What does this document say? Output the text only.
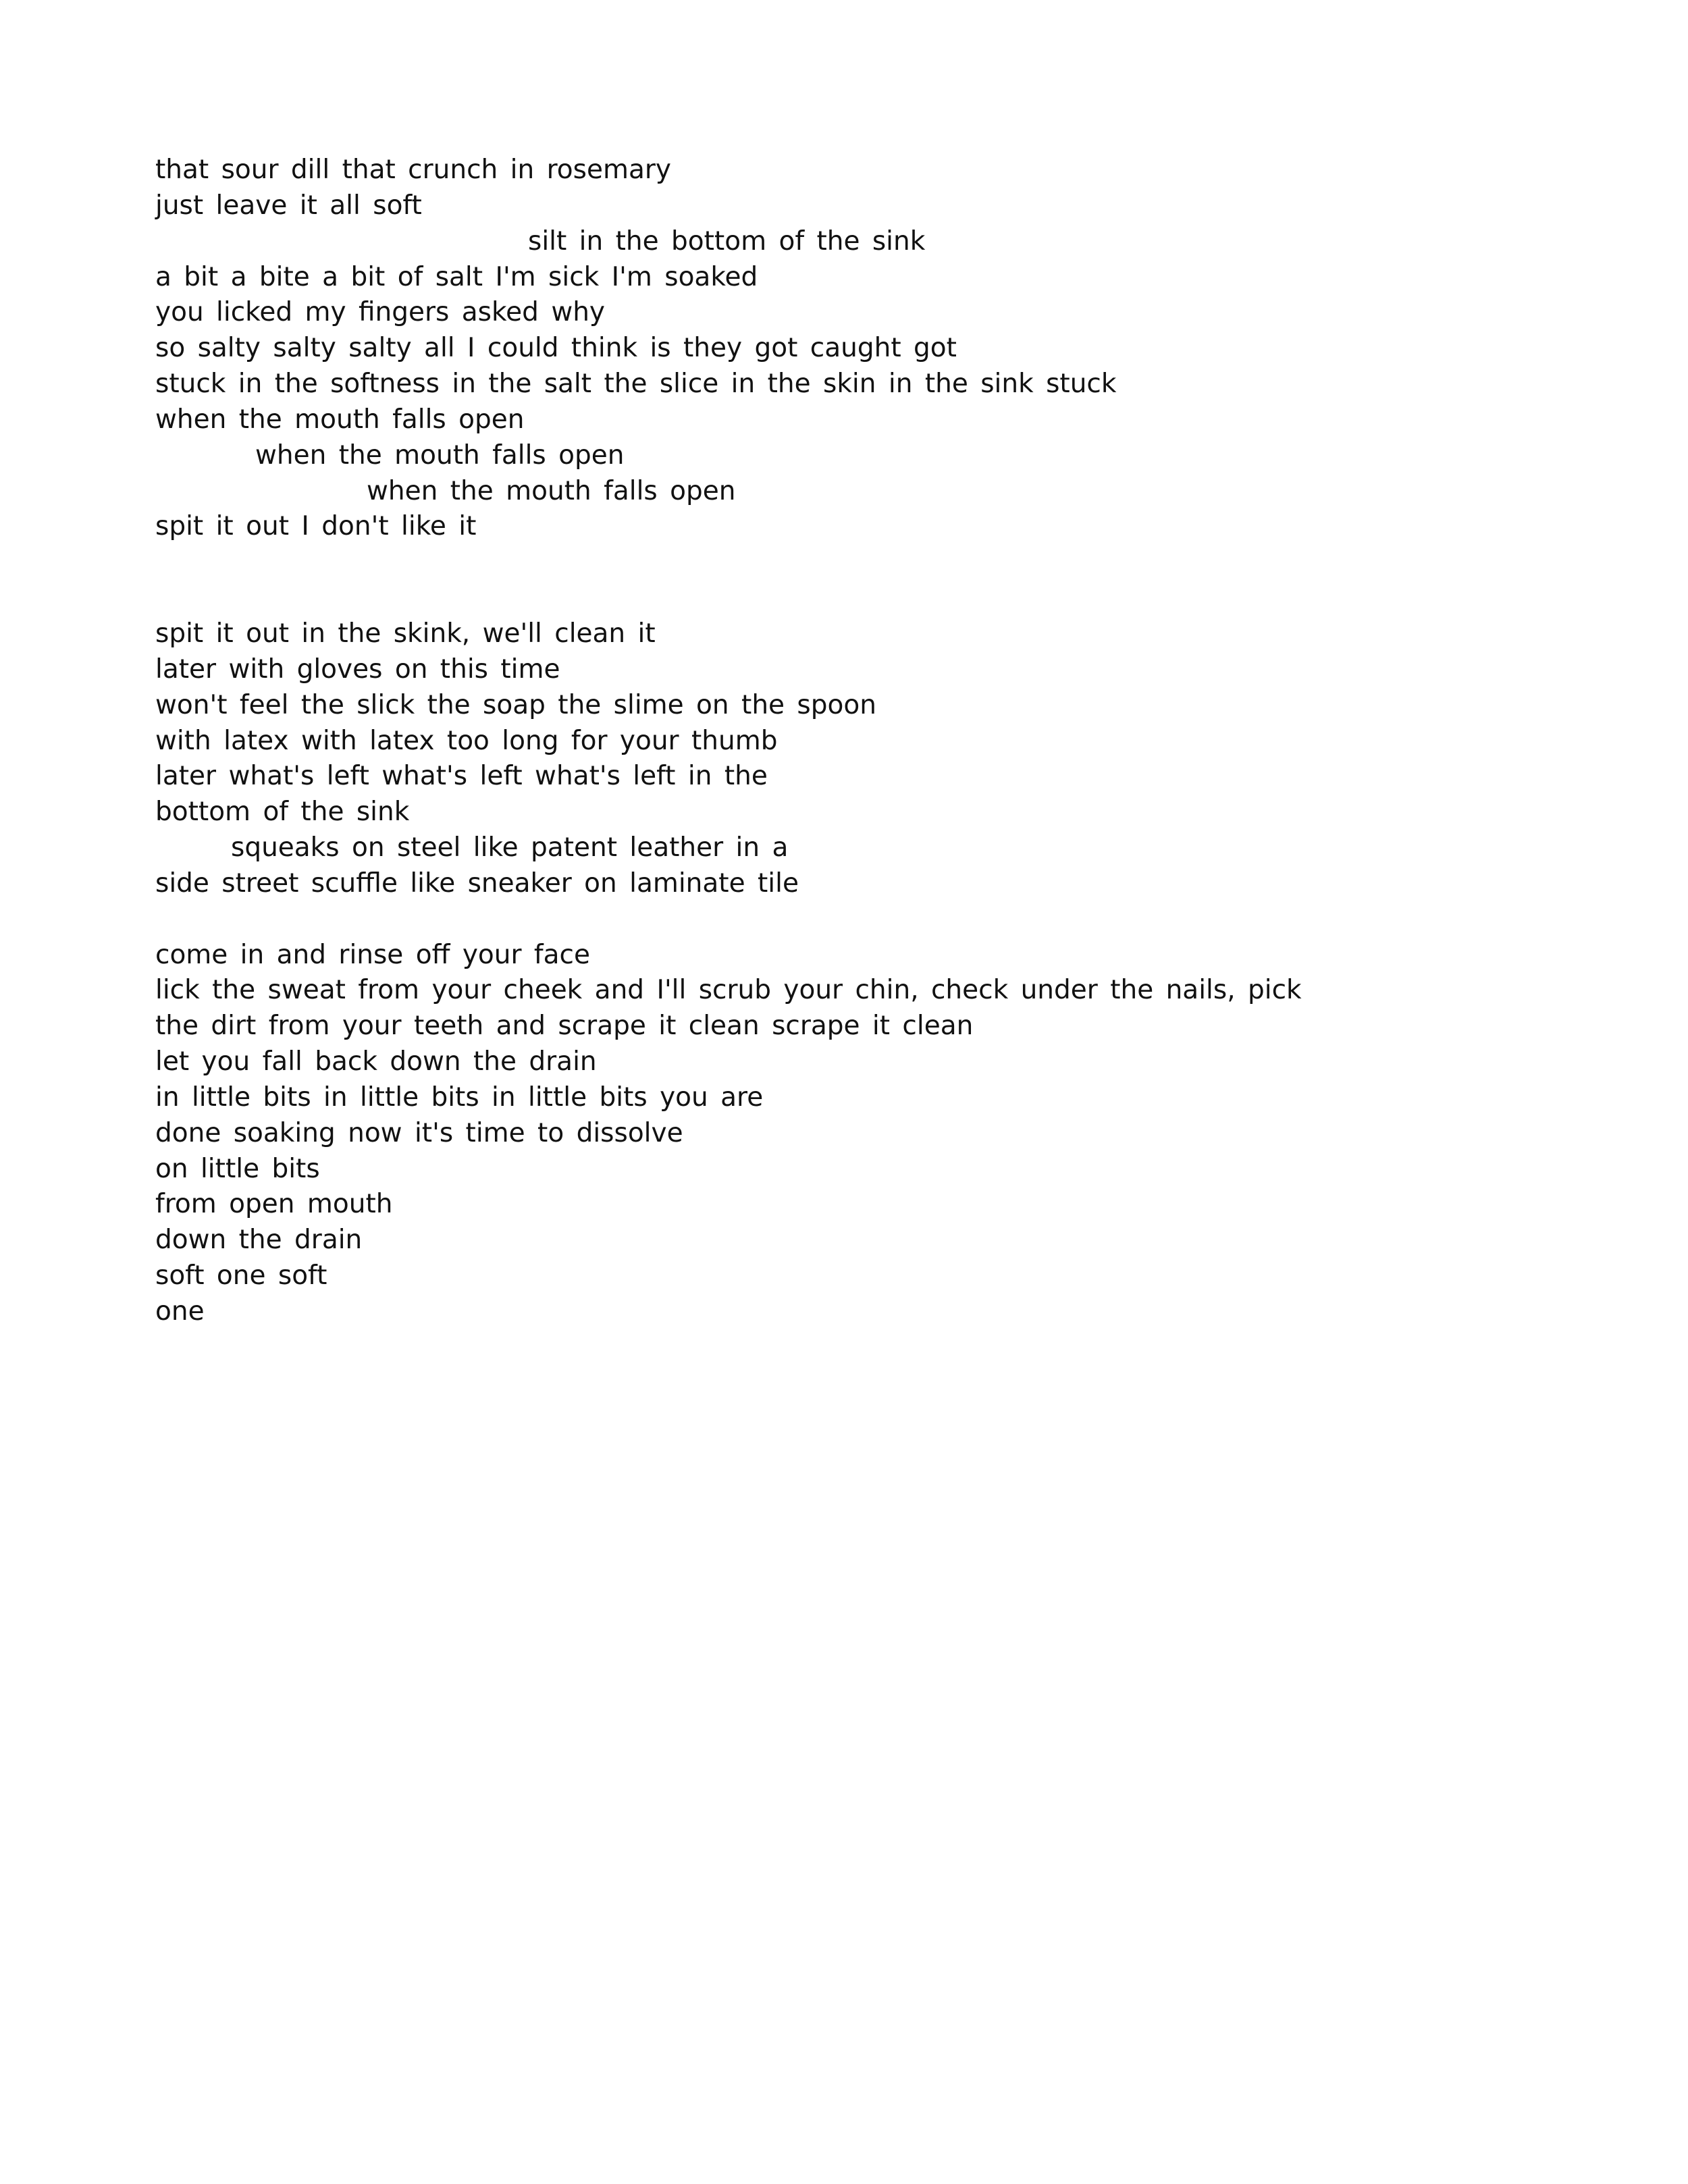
that sour dill that crunch in rosemary
just leave it all soft
silt in the bottom of the sink
a bit a bite a bit of salt I'm sick I'm soaked
you licked my fingers asked why
so salty salty salty all I could think is they got caught got
stuck in the softness in the salt the slice in the skin in the sink stuck
when the mouth falls open
when the mouth falls open
when the mouth falls open
spit it out I don't like it
spit it out in the skink, we'll clean it
later with gloves on this time
won't feel the slick the soap the slime on the spoon
with latex with latex too long for your thumb
later what's left what's left what's left in the
bottom of the sink
squeaks on steel like patent leather in a
side street scuffle like sneaker on laminate tile
come in and rinse off your face
lick the sweat from your cheek and I'll scrub your chin, check under the nails, pick
the dirt from your teeth and scrape it clean scrape it clean
let you fall back down the drain
in little bits in little bits in little bits you are
done soaking now it's time to dissolve
on little bits
from open mouth
down the drain
soft one soft
one
